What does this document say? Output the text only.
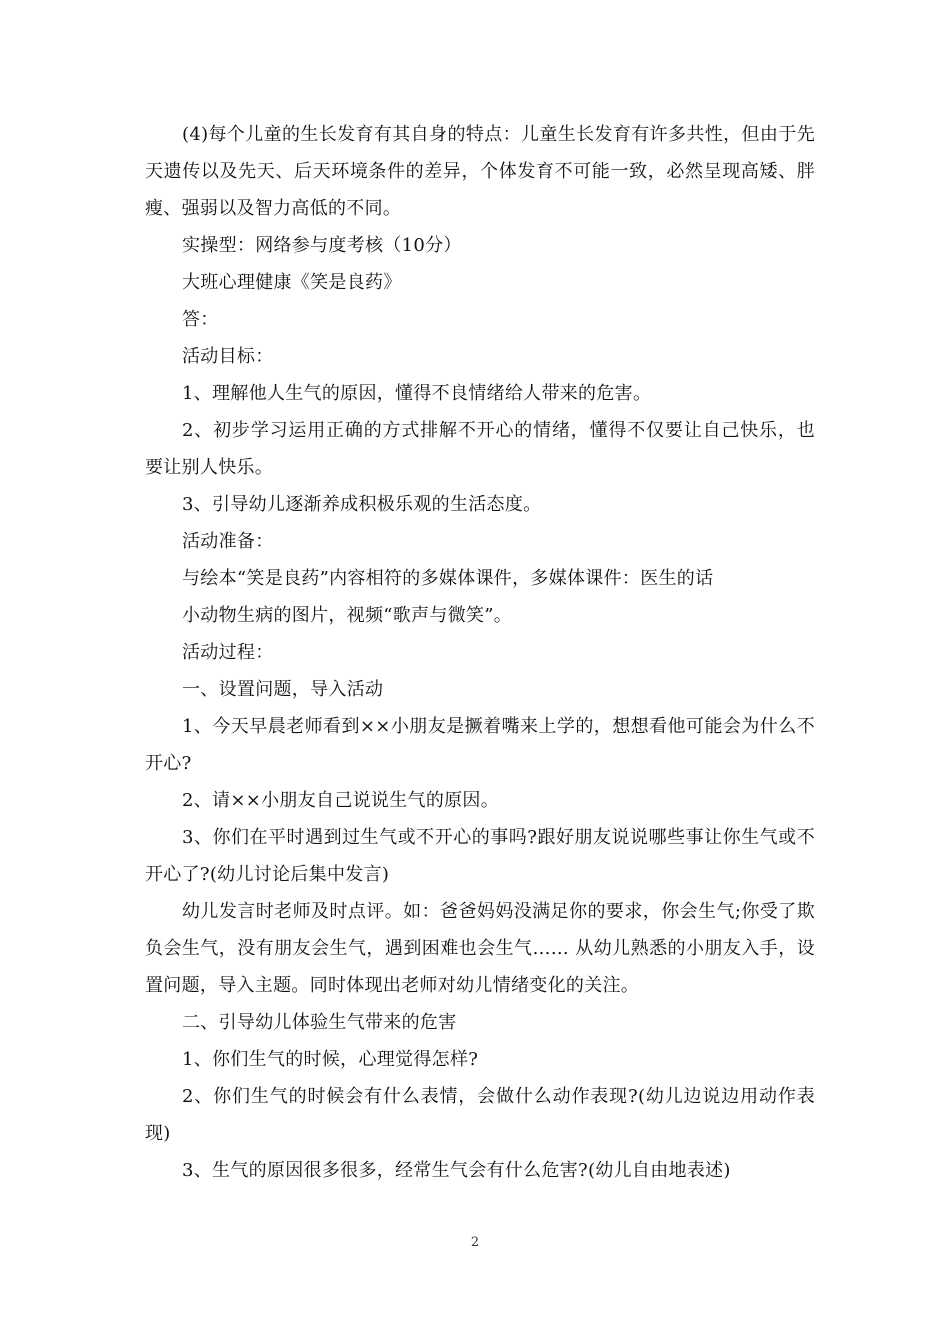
(4)每个儿童的生长发育有其自身的特点：儿童生长发育有许多共性，但由于先天遗传以及先天、后天环境条件的差异，个体发育不可能一致，必然呈现高矮、胖瘦、强弱以及智力高低的不同。

实操型：网络参与度考核（10分）

大班心理健康《笑是良药》

答：

活动目标：

1、理解他人生气的原因，懂得不良情绪给人带来的危害。

2、初步学习运用正确的方式排解不开心的情绪，懂得不仅要让自己快乐，也要让别人快乐。

3、引导幼儿逐渐养成积极乐观的生活态度。

活动准备：

与绘本“笑是良药”内容相符的多媒体课件，多媒体课件：医生的话

小动物生病的图片，视频“歌声与微笑”。

活动过程：

一、设置问题，导入活动

1、今天早晨老师看到××小朋友是撅着嘴来上学的，想想看他可能会为什么不开心?

2、请××小朋友自己说说生气的原因。

3、你们在平时遇到过生气或不开心的事吗?跟好朋友说说哪些事让你生气或不开心了?(幼儿讨论后集中发言)

幼儿发言时老师及时点评。如：爸爸妈妈没满足你的要求，你会生气;你受了欺负会生气，没有朋友会生气，遇到困难也会生气…… 从幼儿熟悉的小朋友入手，设置问题，导入主题。同时体现出老师对幼儿情绪变化的关注。

二、引导幼儿体验生气带来的危害

1、你们生气的时候，心理觉得怎样?

2、你们生气的时候会有什么表情，会做什么动作表现?(幼儿边说边用动作表现)

3、生气的原因很多很多，经常生气会有什么危害?(幼儿自由地表述)

2
